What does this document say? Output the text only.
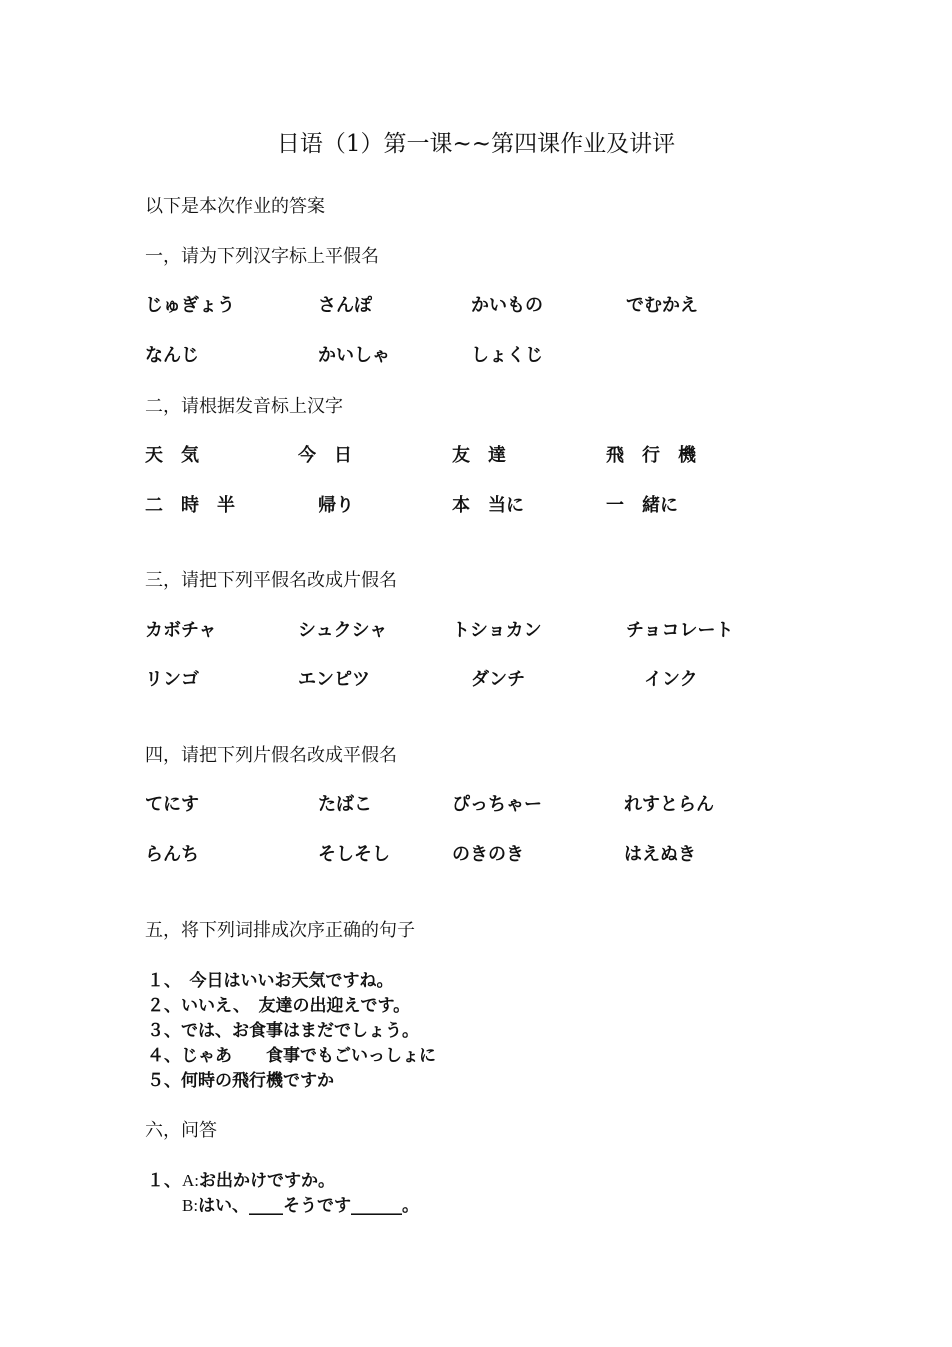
日语（1）第一课~~第四课作业及讲评
以下是本次作业的答案
一，请为下列汉字标上平假名
じゅぎょう	さんぽ	かいもの	でむかえ
なんじ	かいしゃ	しょくじ
二，请根据发音标上汉字
天　気	今　日	友　達	飛　行　機
二　時　半	帰り	本　当に	一　緒に
三，请把下列平假名改成片假名
カボチャ	シュクシャ	トショカン	チョコレート
リンゴ	エンピツ	ダンチ	インク
四，请把下列片假名改成平假名
てにす	たばこ	ぴっちゃー	れすとらん
らんち	そしそし	のきのき	はえぬき
五，将下列词排成次序正确的句子
１、　今日はいいお天気ですね。
２、いいえ、　友達の出迎えです。
３、では、お食事はまだでしょう。
４、じゃあ　　食事でもごいっしょに
５、何時の飛行機ですか
六，问答
１、 A:お出かけですか。
B:はい、____そうです______。
